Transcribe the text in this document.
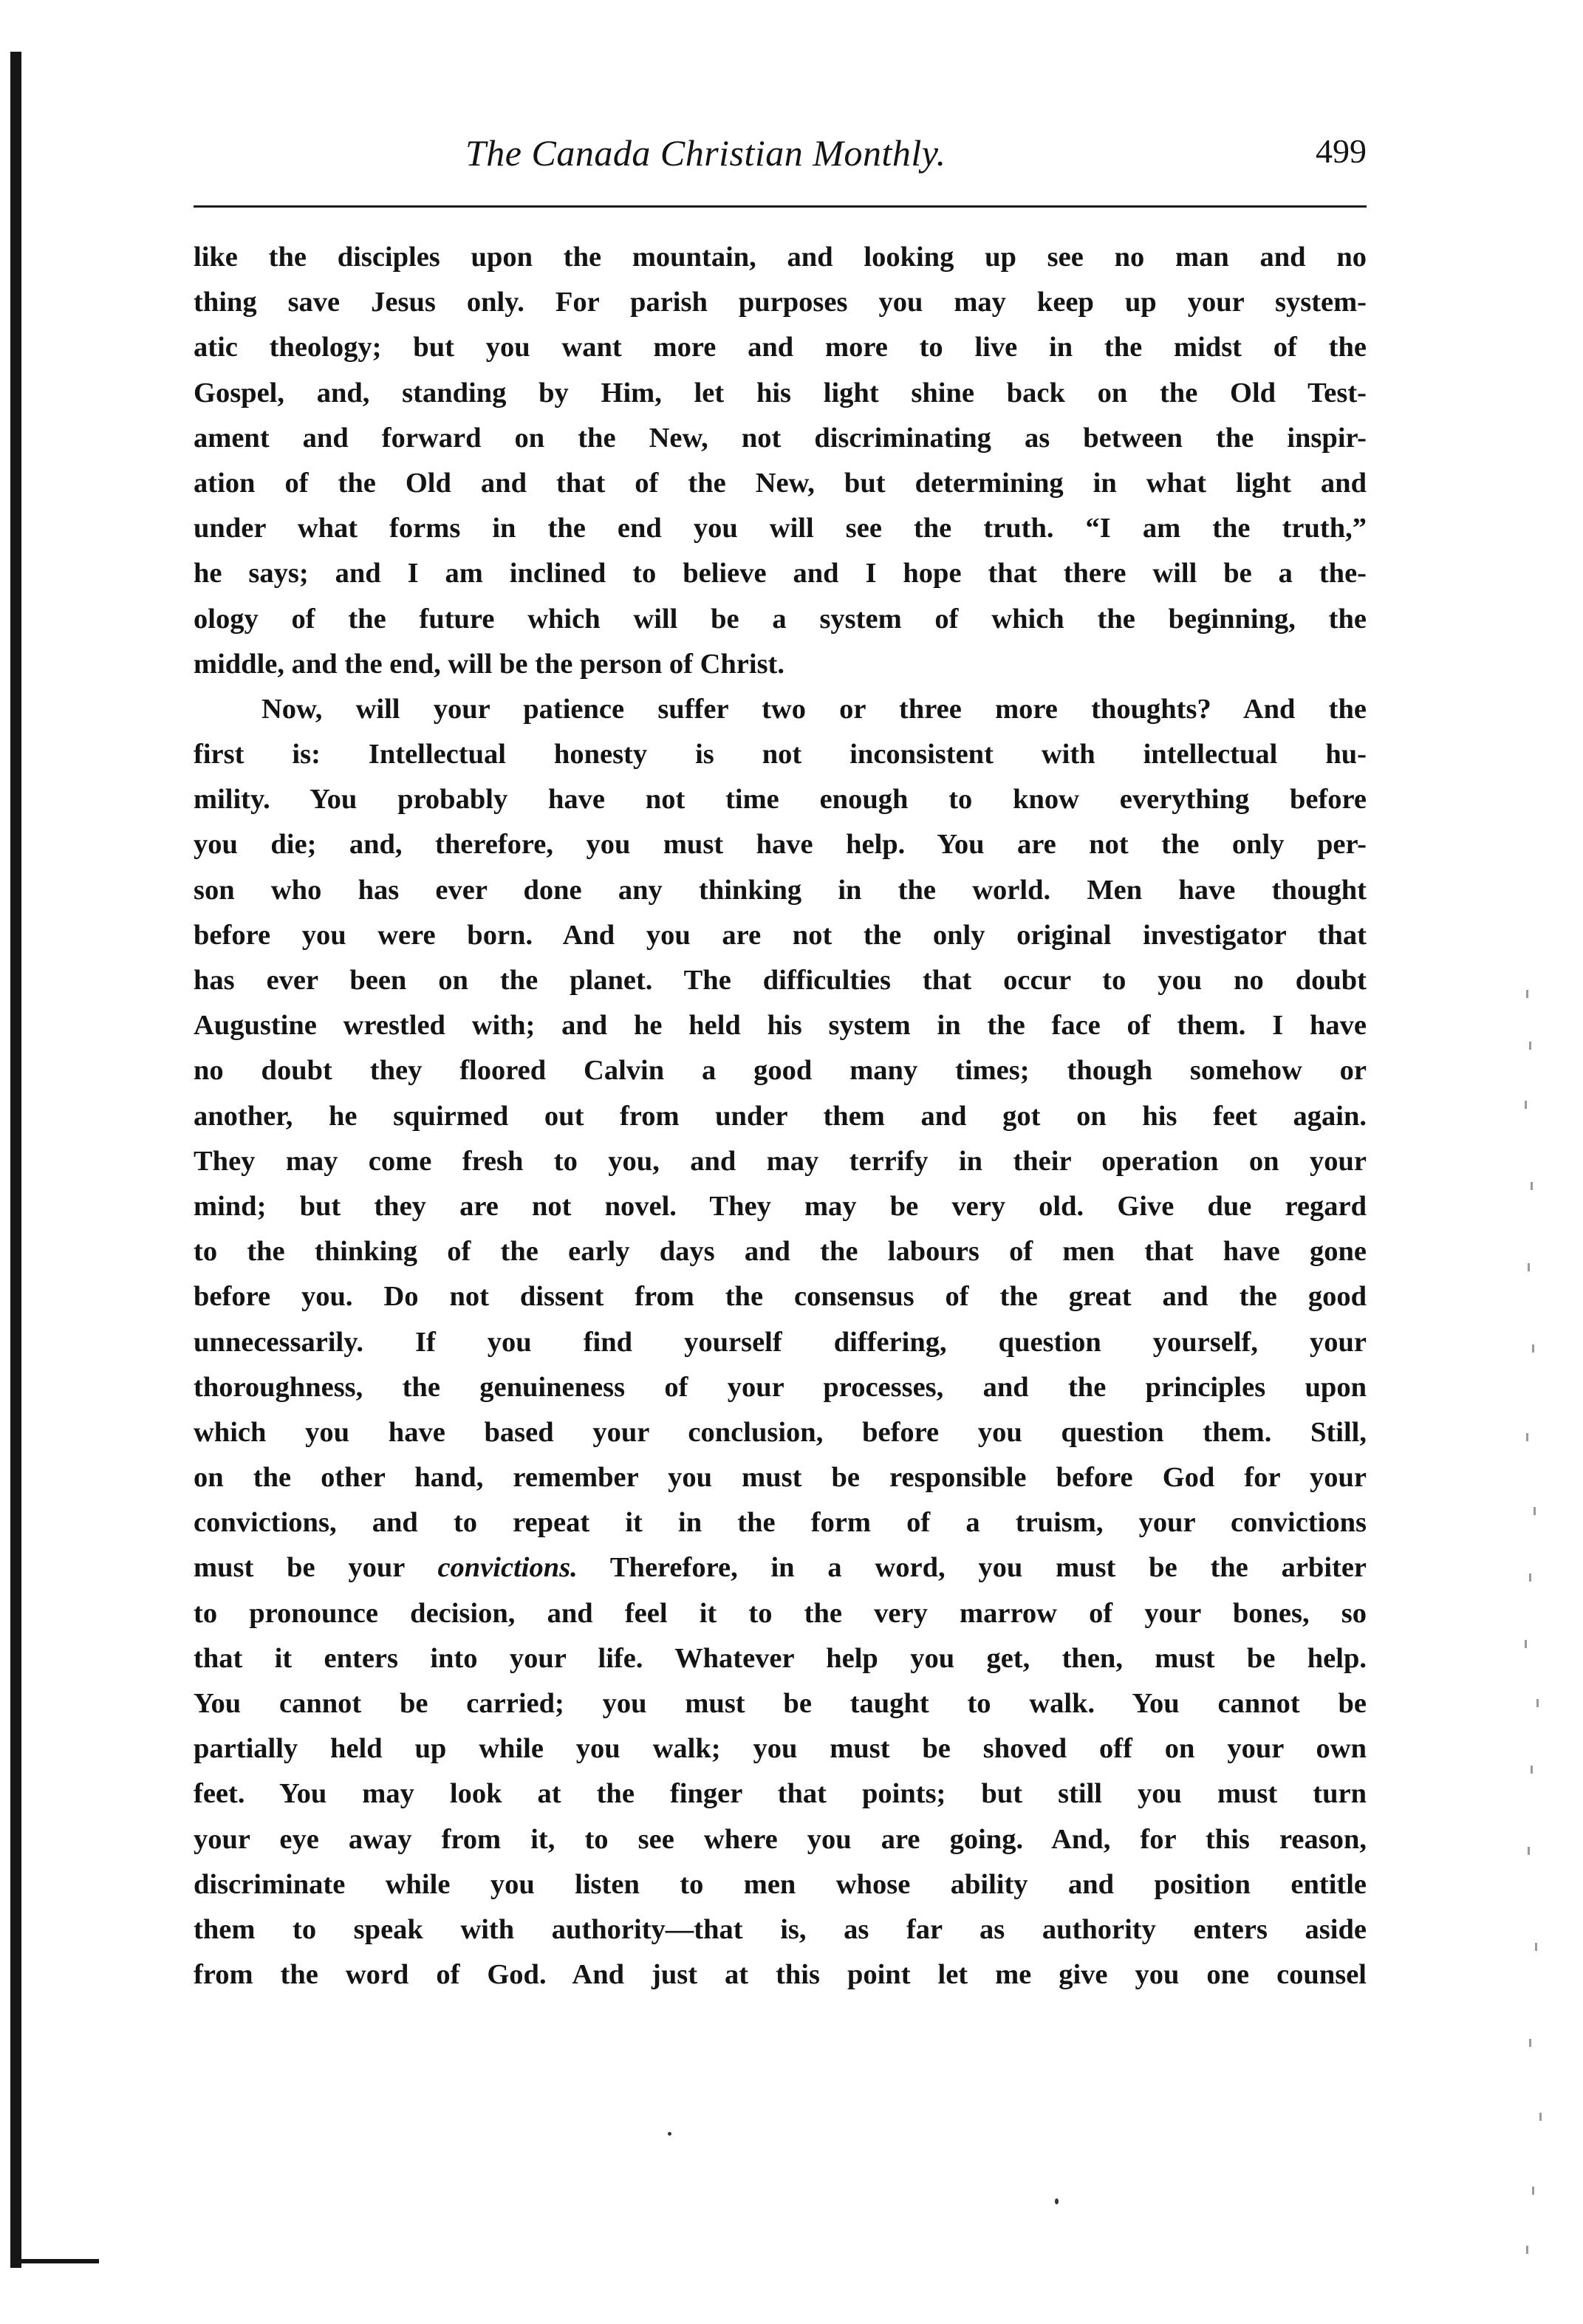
The Canada Christian Monthly.	499
like the disciples upon the mountain, and looking up see no man and no
thing save Jesus only. For parish purposes you may keep up your system-
atic theology; but you want more and more to live in the midst of the
Gospel, and, standing by Him, let his light shine back on the Old Test-
ament and forward on the New, not discriminating as between the inspir-
ation of the Old and that of the New, but determining in what light and
under what forms in the end you will see the truth. “I am the truth,”
he says; and I am inclined to believe and I hope that there will be a the-
ology of the future which will be a system of which the beginning, the
middle, and the end, will be the person of Christ.
Now, will your patience suffer two or three more thoughts? And the
first is: Intellectual honesty is not inconsistent with intellectual hu-
mility. You probably have not time enough to know everything before
you die; and, therefore, you must have help. You are not the only per-
son who has ever done any thinking in the world. Men have thought
before you were born. And you are not the only original investigator that
has ever been on the planet. The difficulties that occur to you no doubt
Augustine wrestled with; and he held his system in the face of them. I have
no doubt they floored Calvin a good many times; though somehow or
another, he squirmed out from under them and got on his feet again.
They may come fresh to you, and may terrify in their operation on your
mind; but they are not novel. They may be very old. Give due regard
to the thinking of the early days and the labours of men that have gone
before you. Do not dissent from the consensus of the great and the good
unnecessarily. If you find yourself differing, question yourself, your
thoroughness, the genuineness of your processes, and the principles upon
which you have based your conclusion, before you question them. Still,
on the other hand, remember you must be responsible before God for your
convictions, and to repeat it in the form of a truism, your convictions
must be your convictions. Therefore, in a word, you must be the arbiter
to pronounce decision, and feel it to the very marrow of your bones, so
that it enters into your life. Whatever help you get, then, must be help.
You cannot be carried; you must be taught to walk. You cannot be
partially held up while you walk; you must be shoved off on your own
feet. You may look at the finger that points; but still you must turn
your eye away from it, to see where you are going. And, for this reason,
discriminate while you listen to men whose ability and position entitle
them to speak with authority—that is, as far as authority enters aside
from the word of God. And just at this point let me give you one counsel
